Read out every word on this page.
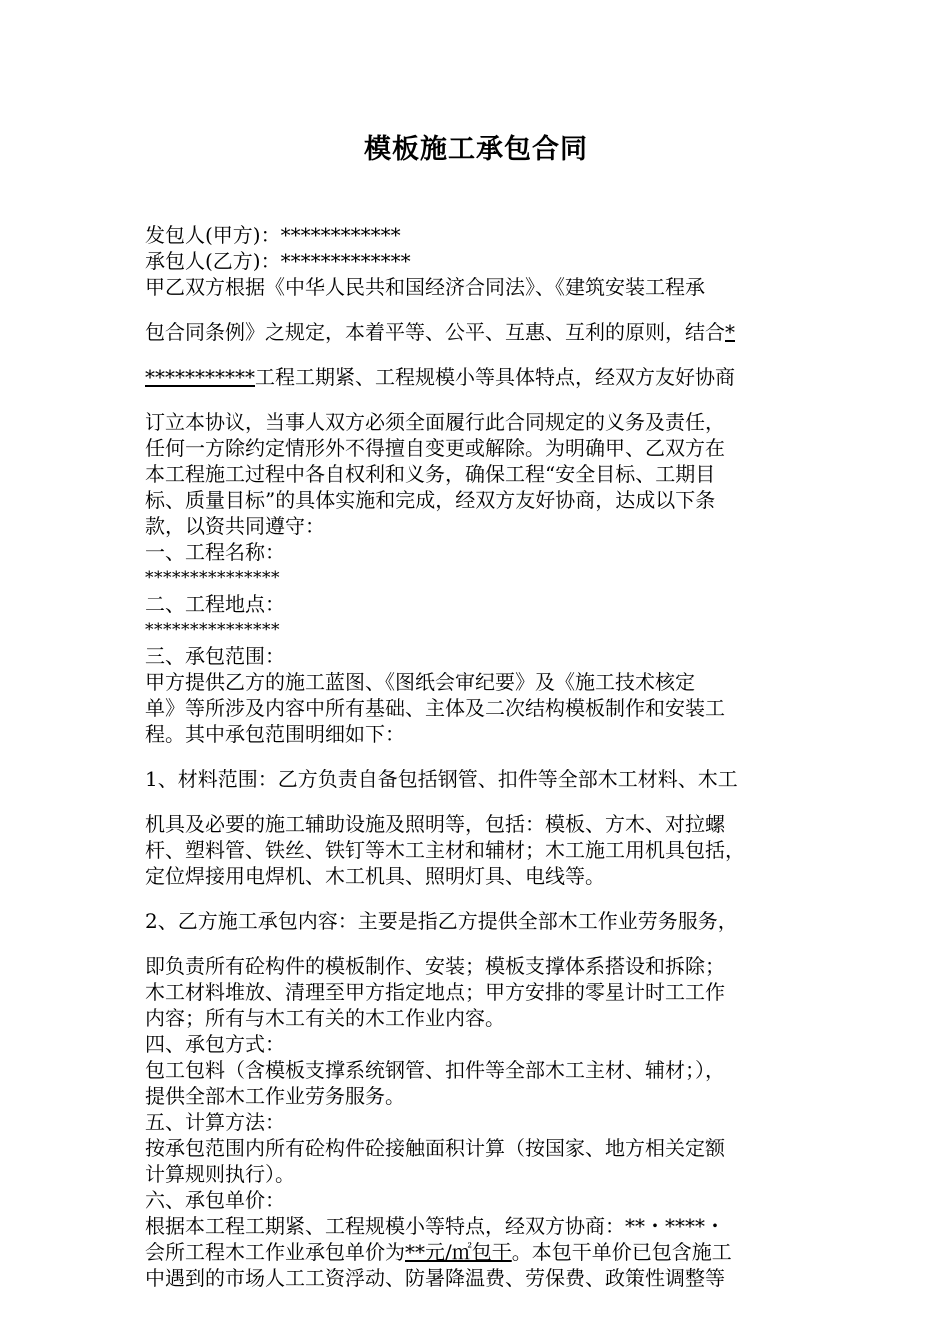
模板施工承包合同
发包人(甲方)：************
承包人(乙方)：*************
甲乙双方根据《中华人民共和国经济合同法》、《建筑安装工程承
包合同条例》之规定，本着平等、公平、互惠、互利的原则，结合*
***********工程工期紧、工程规模小等具体特点，经双方友好协商
订立本协议，当事人双方必须全面履行此合同规定的义务及责任，
任何一方除约定情形外不得擅自变更或解除。为明确甲、乙双方在
本工程施工过程中各自权利和义务，确保工程“安全目标、工期目
标、质量目标”的具体实施和完成，经双方友好协商，达成以下条
款，以资共同遵守：
一、工程名称：
***************
二、工程地点：
***************
三、承包范围：
甲方提供乙方的施工蓝图、《图纸会审纪要》及《施工技术核定
单》等所涉及内容中所有基础、主体及二次结构模板制作和安装工
程。其中承包范围明细如下：
1、材料范围：乙方负责自备包括钢管、扣件等全部木工材料、木工
机具及必要的施工辅助设施及照明等，包括：模板、方木、对拉螺
杆、塑料管、铁丝、铁钉等木工主材和辅材；木工施工用机具包括，
定位焊接用电焊机、木工机具、照明灯具、电线等。
2、乙方施工承包内容：主要是指乙方提供全部木工作业劳务服务，
即负责所有砼构件的模板制作、安装；模板支撑体系搭设和拆除；
木工材料堆放、清理至甲方指定地点；甲方安排的零星计时工工作
内容；所有与木工有关的木工作业内容。
四、承包方式：
包工包料（含模板支撑系统钢管、扣件等全部木工主材、辅材；），
提供全部木工作业劳务服务。
五、计算方法：
按承包范围内所有砼构件砼接触面积计算（按国家、地方相关定额
计算规则执行）。
六、承包单价：
根据本工程工期紧、工程规模小等特点，经双方协商：**・****・
会所工程木工作业承包单价为**元/㎡包干。本包干单价已包含施工
中遇到的市场人工工资浮动、防暑降温费、劳保费、政策性调整等
